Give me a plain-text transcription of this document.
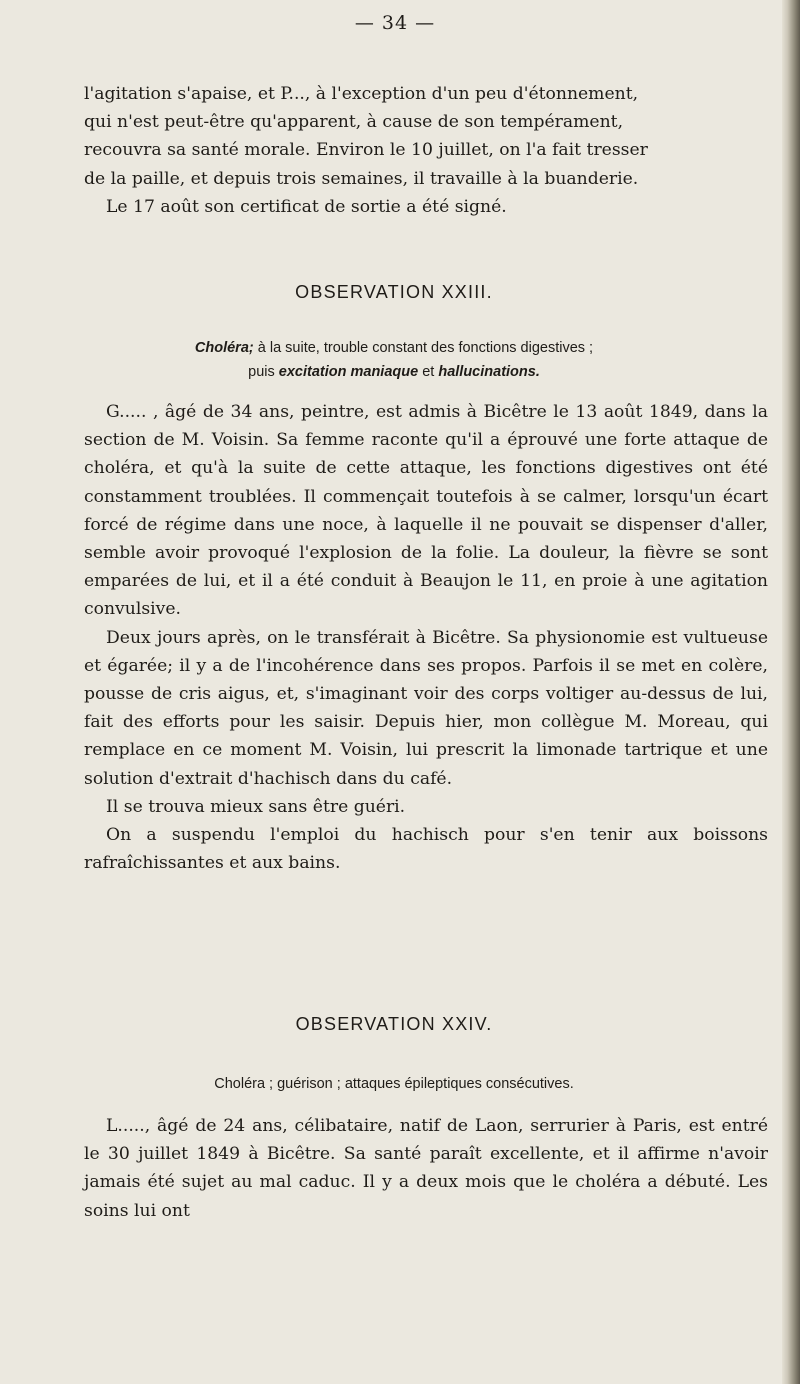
— 34 —

l'agitation s'apaise, et P..., à l'exception d'un peu d'étonnement,

qui n'est peut-être qu'apparent, à cause de son tempérament,

recouvra sa santé morale. Environ le 10 juillet, on l'a fait tresser

de la paille, et depuis trois semaines, il travaille à la buanderie.

Le 17 août son certificat de sortie a été signé.

OBSERVATION XXIII.
Choléra; à la suite, trouble constant des fonctions digestives ;
puis excitation maniaque et hallucinations.

G..... , âgé de 34 ans, peintre, est admis à Bicêtre le 13 août 1849, dans la section de M. Voisin. Sa femme raconte qu'il a éprouvé une forte attaque de choléra, et qu'à la suite de cette attaque, les fonctions digestives ont été constamment troublées. Il commençait toutefois à se calmer, lorsqu'un écart forcé de régime dans une noce, à laquelle il ne pouvait se dispenser d'aller, semble avoir provoqué l'explosion de la folie. La douleur, la fièvre se sont emparées de lui, et il a été conduit à Beaujon le 11, en proie à une agitation convulsive.

Deux jours après, on le transférait à Bicêtre. Sa physionomie est vultueuse et égarée; il y a de l'incohérence dans ses propos. Parfois il se met en colère, pousse de cris aigus, et, s'imaginant voir des corps voltiger au-dessus de lui, fait des efforts pour les saisir. Depuis hier, mon collègue M. Moreau, qui remplace en ce moment M. Voisin, lui prescrit la limonade tartrique et une solution d'extrait d'hachisch dans du café.

Il se trouva mieux sans être guéri.

On a suspendu l'emploi du hachisch pour s'en tenir aux boissons rafraîchissantes et aux bains.

OBSERVATION XXIV.
Choléra ; guérison ; attaques épileptiques consécutives.

L....., âgé de 24 ans, célibataire, natif de Laon, serrurier à Paris, est entré le 30 juillet 1849 à Bicêtre. Sa santé paraît excellente, et il affirme n'avoir jamais été sujet au mal caduc. Il y a deux mois que le choléra a débuté. Les soins lui ont
